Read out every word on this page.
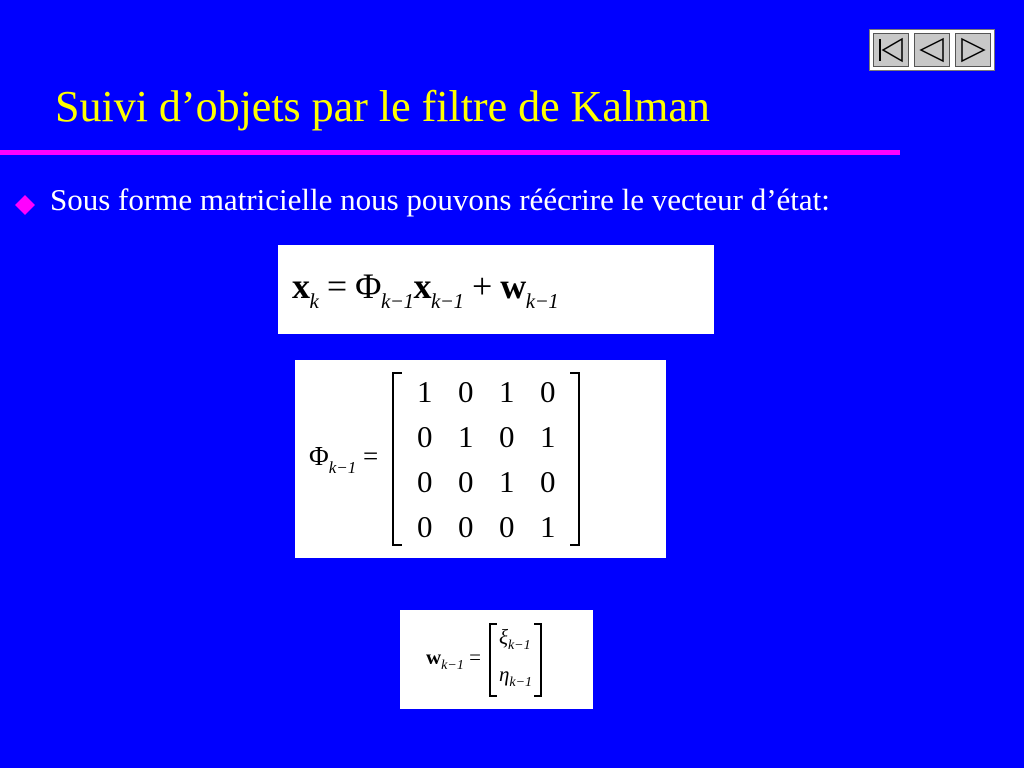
Suivi d’objets par le filtre de Kalman

Sous forme matricielle nous pouvons réécrire le vecteur d’état:

$x_k = \Phi_{k-1}x_{k-1} + w_{k-1}$
$\Phi_{k-1}$ =
1 0 1 0
0 1 0 1
0 0 1 0
0 0 0 1
$w_{k-1}$ =
$\xi_{k-1}$
$\eta_{k-1}$
